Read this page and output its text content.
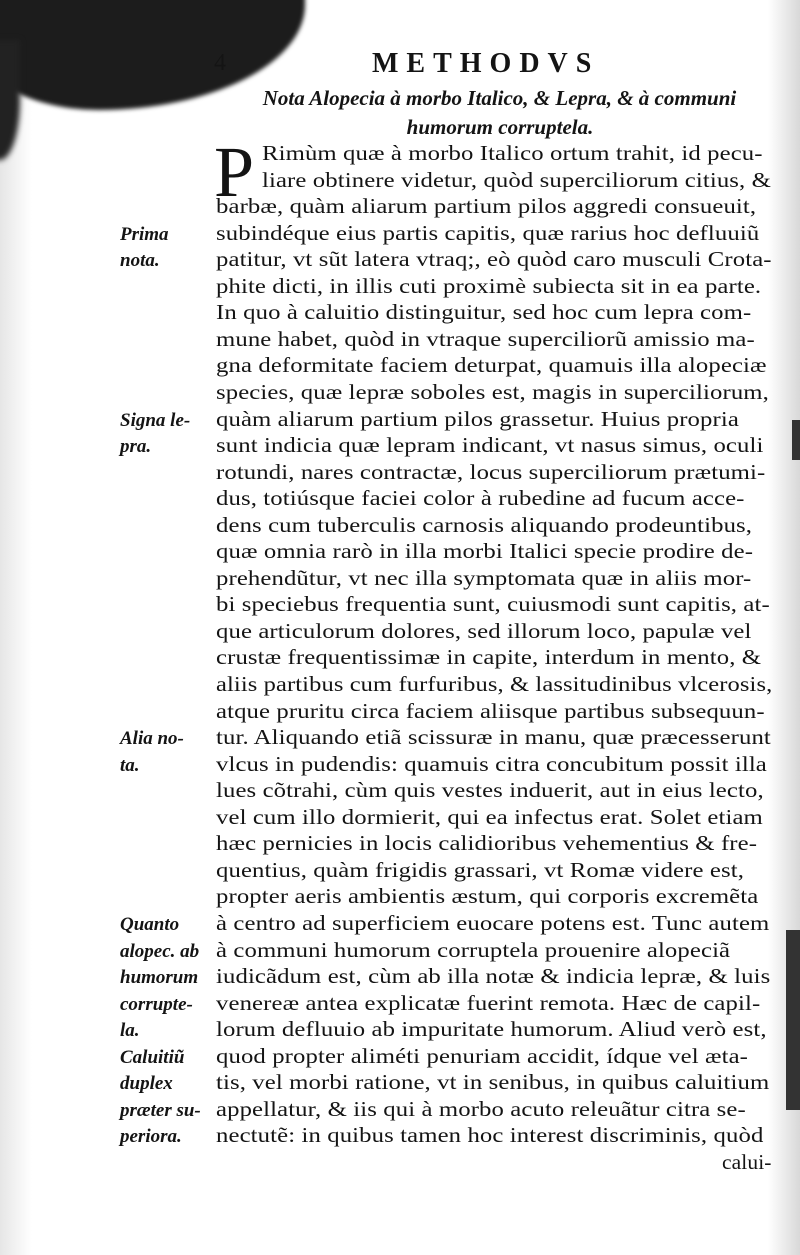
4	METHODVS
Nota Alopecia à morbo Italico, & Lepra, & à communi
humorum corruptela.
P Rimùm quæ à morbo Italico ortum trahit, id pecu-
liare obtinere videtur, quòd superciliorum citius, &
barbæ, quàm aliarum partium pilos aggredi consueuit,
subindéque eius partis capitis, quæ rarius hoc defluuiũ
patitur, vt sũt latera vtraq;, eò quòd caro musculi Crota-
phite dicti, in illis cuti proximè subiecta sit in ea parte.
In quo à caluitio distinguitur, sed hoc cum lepra com-
mune habet, quòd in vtraque superciliorũ amissio ma-
gna deformitate faciem deturpat, quamuis illa alopeciæ
species, quæ lepræ soboles est, magis in superciliorum,
quàm aliarum partium pilos grassetur. Huius propria
sunt indicia quæ lepram indicant, vt nasus simus, oculi
rotundi, nares contractæ, locus superciliorum prætumi-
dus, totiúsque faciei color à rubedine ad fucum acce-
dens cum tuberculis carnosis aliquando prodeuntibus,
quæ omnia rarò in illa morbi Italici specie prodire de-
prehendũtur, vt nec illa symptomata quæ in aliis mor-
bi speciebus frequentia sunt, cuiusmodi sunt capitis, at-
que articulorum dolores, sed illorum loco, papulæ vel
crustæ frequentissimæ in capite, interdum in mento, &
aliis partibus cum furfuribus, & lassitudinibus vlcerosis,
atque pruritu circa faciem aliisque partibus subsequun-
tur. Aliquando etiã scissuræ in manu, quæ præcesserunt
vlcus in pudendis: quamuis citra concubitum possit illa
lues cõtrahi, cùm quis vestes induerit, aut in eius lecto,
vel cum illo dormierit, qui ea infectus erat. Solet etiam
hæc pernicies in locis calidioribus vehementius & fre-
quentius, quàm frigidis grassari, vt Romæ videre est,
propter aeris ambientis æstum, qui corporis excremẽta
à centro ad superficiem euocare potens est. Tunc autem
à communi humorum corruptela prouenire alopeciã
iudicãdum est, cùm ab illa notæ & indicia lepræ, & luis
venereæ antea explicatæ fuerint remota. Hæc de capil-
lorum defluuio ab impuritate humorum. Aliud verò est,
quod propter aliméti penuriam accidit, ídque vel æta-
tis, vel morbi ratione, vt in senibus, in quibus caluitium
appellatur, & iis qui à morbo acuto releuãtur citra se-
nectutẽ: in quibus tamen hoc interest discriminis, quòd
calui-
Prima
nota.
Signa le-
pra.
Alia no-
ta.
Quanto
alopec. ab
humorum
corrupte-
la.
Caluitiũ
duplex
præter su-
periora.
